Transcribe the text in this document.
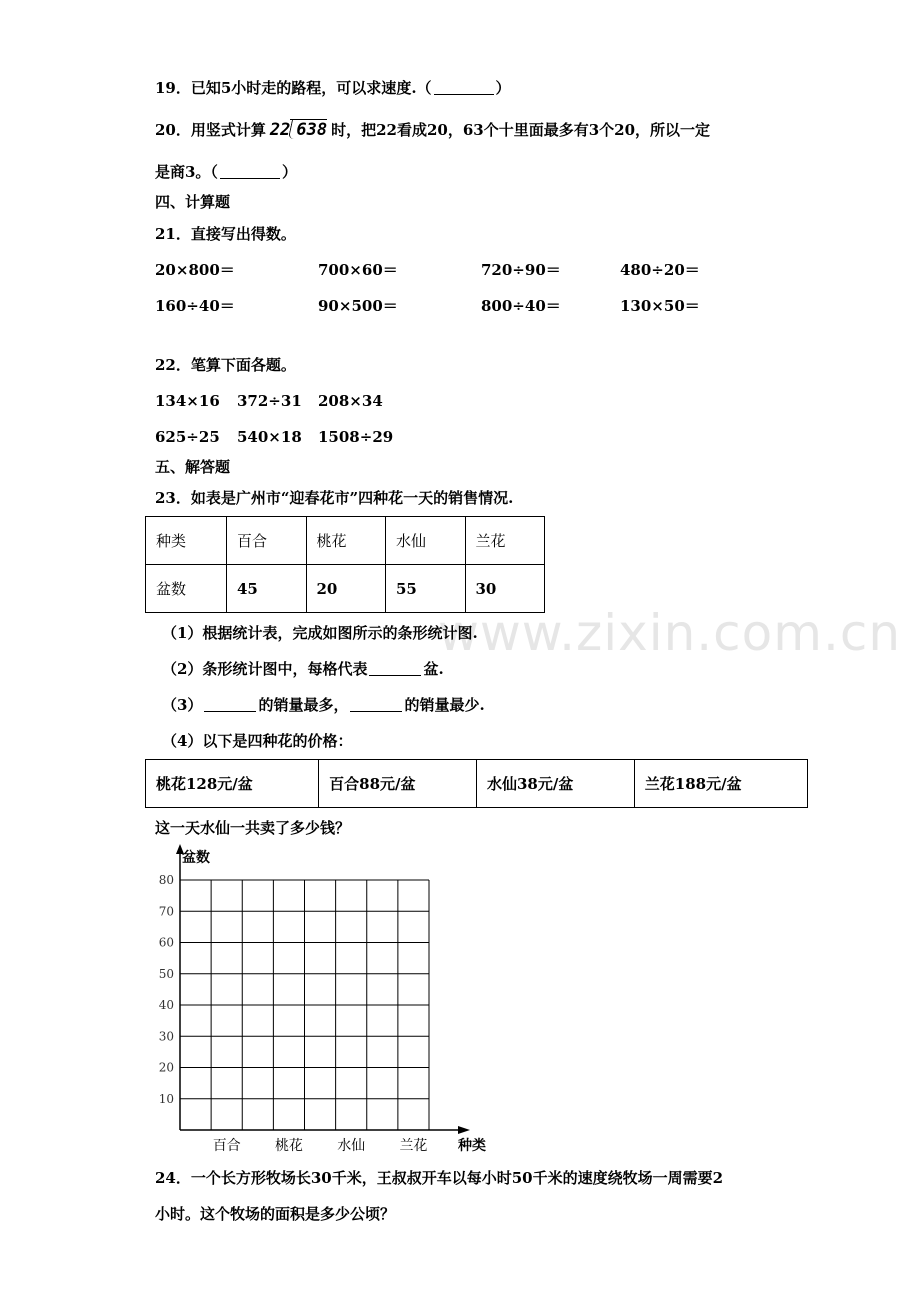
www.zixin.com.cn
19．已知5小时走的路程，可以求速度.（	）
20．用竖式计算 22 638 时，把22看成20，63个十里面最多有3个20，所以一定
是商3。（	）
四、计算题
21．直接写出得数。
20×800＝	700×60＝	720÷90＝	480÷20＝
160÷40＝	90×500＝	800÷40＝	130×50＝
22．笔算下面各题。
134×16 372÷31 208×34
625÷25 540×18 1508÷29
五、解答题
23．如表是广州市“迎春花市”四种花一天的销售情况.
种类	百合	桃花	水仙	兰花
盆数	45	20	55	30
（1）根据统计表，完成如图所示的条形统计图.
（2）条形统计图中，每格代表	盆.
（3）	的销量最多，	的销量最少.
（4）以下是四种花的价格：
桃花128元/盆	百合88元/盆	水仙38元/盆	兰花188元/盆
这一天水仙一共卖了多少钱？
10
20
30
40
50
60
70
80
盆数
种类
百合 桃花 水仙 兰花
24．一个长方形牧场长30千米，王叔叔开车以每小时50千米的速度绕牧场一周需要2
小时。这个牧场的面积是多少公顷？
